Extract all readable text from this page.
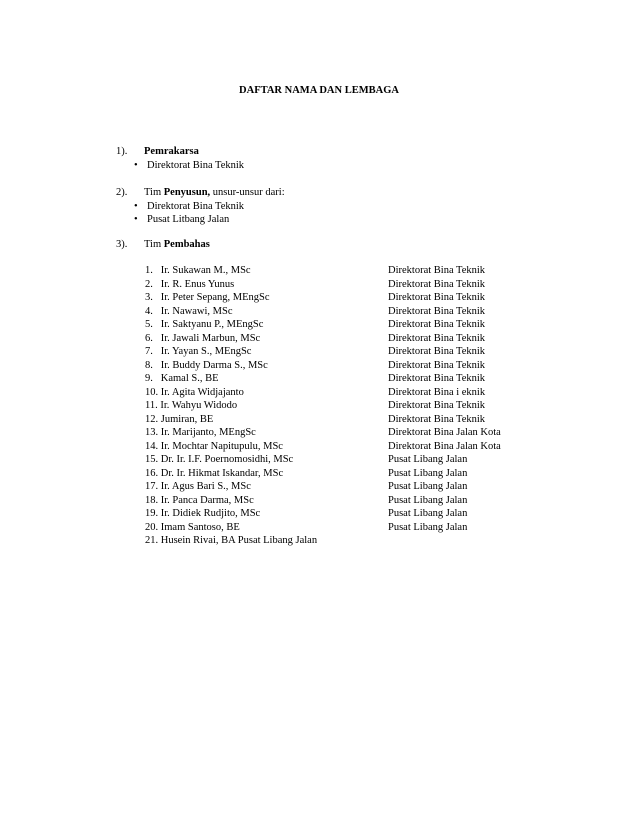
DAFTAR NAMA DAN LEMBAGA
1). Pemrakarsa
• Direktorat Bina Teknik
2). Tim Penyusun, unsur-unsur dari:
• Direktorat Bina Teknik
• Pusat Litbang Jalan
3). Tim Pembahas
1.   Ir. Sukawan M., MSc	Direktorat Bina Teknik
2.   Ir. R. Enus Yunus	Direktorat Bina Teknik
3.   Ir. Peter Sepang, MEngSc	Direktorat Bina Teknik
4.   Ir. Nawawi, MSc	Direktorat Bina Teknik
5.   Ir. Saktyanu P., MEngSc	Direktorat Bina Teknik
6.   Ir. Jawali Marbun, MSc	Direktorat Bina Teknik
7.   Ir. Yayan S., MEngSc	Direktorat Bina Teknik
8.   Ir. Buddy Darma S., MSc	Direktorat Bina Teknik
9.   Kamal S., BE	Direktorat Bina Teknik
10. Ir. Agita Widjajanto	Direktorat Bina i eknik
11. Ir. Wahyu Widodo	Direktorat Bina Teknik
12. Jumiran, BE	Direktorat Bina Teknik
13. Ir. Marijanto, MEngSc	Direktorat Bina Jalan Kota
14. Ir. Mochtar Napitupulu, MSc	Direktorat Bina Jalan Kota
15. Dr. Ir. I.F. Poernomosidhi, MSc	Pusat Libang Jalan
16. Dr. Ir. Hikmat Iskandar, MSc	Pusat Libang Jalan
17. Ir. Agus Bari S., MSc	Pusat Libang Jalan
18. Ir. Panca Darma, MSc	Pusat Libang Jalan
19. Ir. Didiek Rudjito, MSc	Pusat Libang Jalan
20. Imam Santoso, BE	Pusat Libang Jalan
21. Husein Rivai, BA Pusat Libang Jalan
